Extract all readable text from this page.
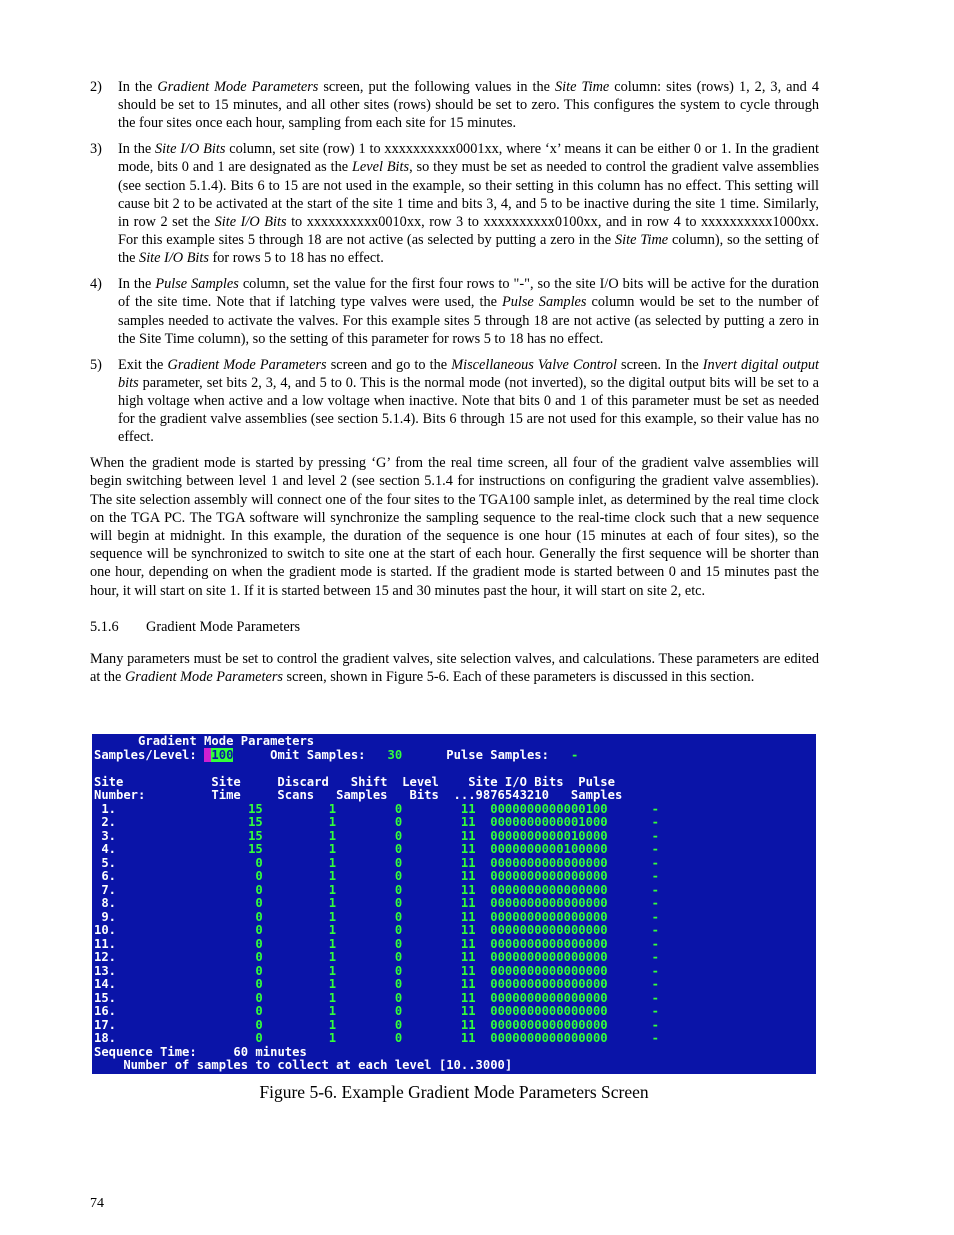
2) In the Gradient Mode Parameters screen, put the following values in the Site Time column: sites (rows) 1, 2, 3, and 4 should be set to 15 minutes, and all other sites (rows) should be set to zero. This configures the system to cycle through the four sites once each hour, sampling from each site for 15 minutes.
3) In the Site I/O Bits column, set site (row) 1 to xxxxxxxxxx0001xx, where ‘x’ means it can be either 0 or 1. In the gradient mode, bits 0 and 1 are designated as the Level Bits, so they must be set as needed to control the gradient valve assemblies (see section 5.1.4). Bits 6 to 15 are not used in the example, so their setting in this column has no effect. This setting will cause bit 2 to be activated at the start of the site 1 time and bits 3, 4, and 5 to be inactive during the site 1 time. Similarly, in row 2 set the Site I/O Bits to xxxxxxxxxx0010xx, row 3 to xxxxxxxxxx0100xx, and in row 4 to xxxxxxxxxx1000xx. For this example sites 5 through 18 are not active (as selected by putting a zero in the Site Time column), so the setting of the Site I/O Bits for rows 5 to 18 has no effect.
4) In the Pulse Samples column, set the value for the first four rows to "-", so the site I/O bits will be active for the duration of the site time. Note that if latching type valves were used, the Pulse Samples column would be set to the number of samples needed to activate the valves. For this example sites 5 through 18 are not active (as selected by putting a zero in the Site Time column), so the setting of this parameter for rows 5 to 18 has no effect.
5) Exit the Gradient Mode Parameters screen and go to the Miscellaneous Valve Control screen. In the Invert digital output bits parameter, set bits 2, 3, 4, and 5 to 0. This is the normal mode (not inverted), so the digital output bits will be set to a high voltage when active and a low voltage when inactive. Note that bits 0 and 1 of this parameter must be set as needed for the gradient valve assemblies (see section 5.1.4). Bits 6 through 15 are not used for this example, so their value has no effect.

When the gradient mode is started by pressing ‘G’ from the real time screen, all four of the gradient valve assemblies will begin switching between level 1 and level 2 (see section 5.1.4 for instructions on configuring the gradient valve assemblies). The site selection assembly will connect one of the four sites to the TGA100 sample inlet, as determined by the real time clock on the TGA PC. The TGA software will synchronize the sampling sequence to the real-time clock such that a new sequence will begin at midnight. In this example, the duration of the sequence is one hour (15 minutes at each of four sites), so the sequence will be synchronized to switch to site one at the start of each hour. Generally the first sequence will be shorter than one hour, depending on when the gradient mode is started. If the gradient mode is started between 0 and 15 minutes past the hour, it will start on site 1. If it is started between 15 and 30 minutes past the hour, it will start on site 2, etc.

5.1.6 Gradient Mode Parameters

Many parameters must be set to control the gradient valves, site selection valves, and calculations. These parameters are edited at the Gradient Mode Parameters screen, shown in Figure 5-6. Each of these parameters is discussed in this section.

Gradient Mode Parameters
Samples/Level:  100     Omit Samples:   30      Pulse Samples:   -

Site            Site     Discard   Shift  Level    Site I/O Bits  Pulse
Number:         Time     Scans   Samples   Bits  ...9876543210   Samples
1.                  15         1        0        11  0000000000000100      -
2.                  15         1        0        11  0000000000001000      -
3.                  15         1        0        11  0000000000010000      -
4.                  15         1        0        11  0000000000100000      -
5.                   0         1        0        11  0000000000000000      -
6.                   0         1        0        11  0000000000000000      -
7.                   0         1        0        11  0000000000000000      -
8.                   0         1        0        11  0000000000000000      -
9.                   0         1        0        11  0000000000000000      -
10.                   0         1        0        11  0000000000000000      -
11.                   0         1        0        11  0000000000000000      -
12.                   0         1        0        11  0000000000000000      -
13.                   0         1        0        11  0000000000000000      -
14.                   0         1        0        11  0000000000000000      -
15.                   0         1        0        11  0000000000000000      -
16.                   0         1        0        11  0000000000000000      -
17.                   0         1        0        11  0000000000000000      -
18.                   0         1        0        11  0000000000000000      -
Sequence Time:     60 minutes
Number of samples to collect at each level [10..3000]
Figure 5-6. Example Gradient Mode Parameters Screen
74
